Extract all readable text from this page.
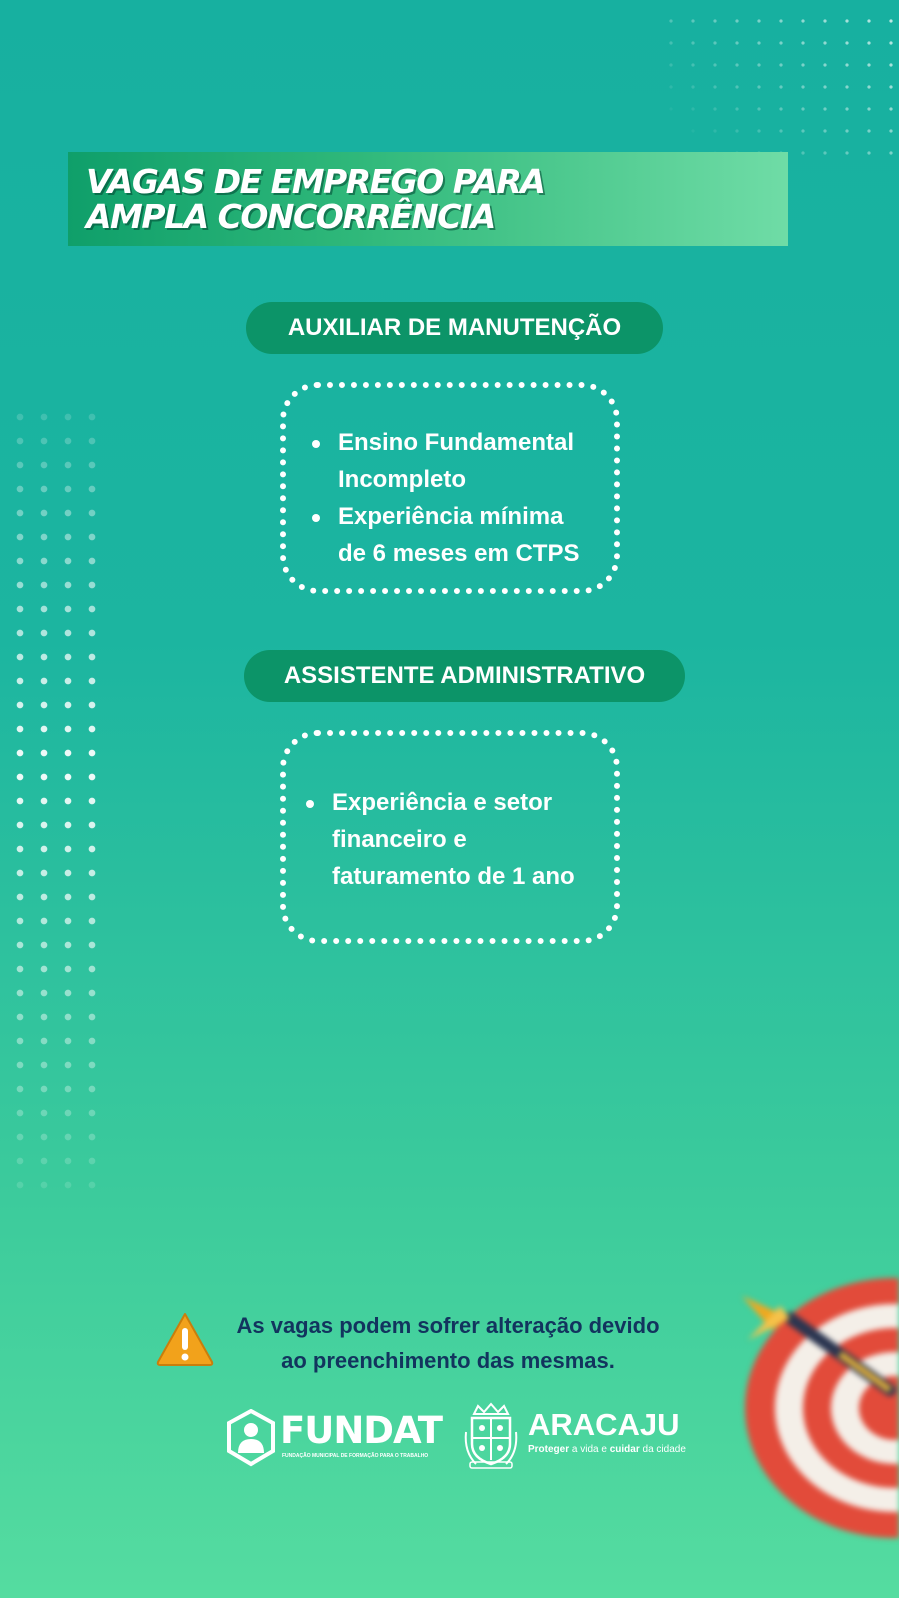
VAGAS DE EMPREGO PARA
AMPLA CONCORRÊNCIA
AUXILIAR DE MANUTENÇÃO
Ensino Fundamental
Incompleto
Experiência mínima
de 6 meses em CTPS
ASSISTENTE ADMINISTRATIVO
Experiência e setor
financeiro e
faturamento de 1 ano
As vagas podem sofrer alteração devido
ao preenchimento das mesmas.
FUNDAT
FUNDAÇÃO MUNICIPAL DE FORMAÇÃO PARA O TRABALHO
ARACAJU
Proteger a vida e cuidar da cidade
